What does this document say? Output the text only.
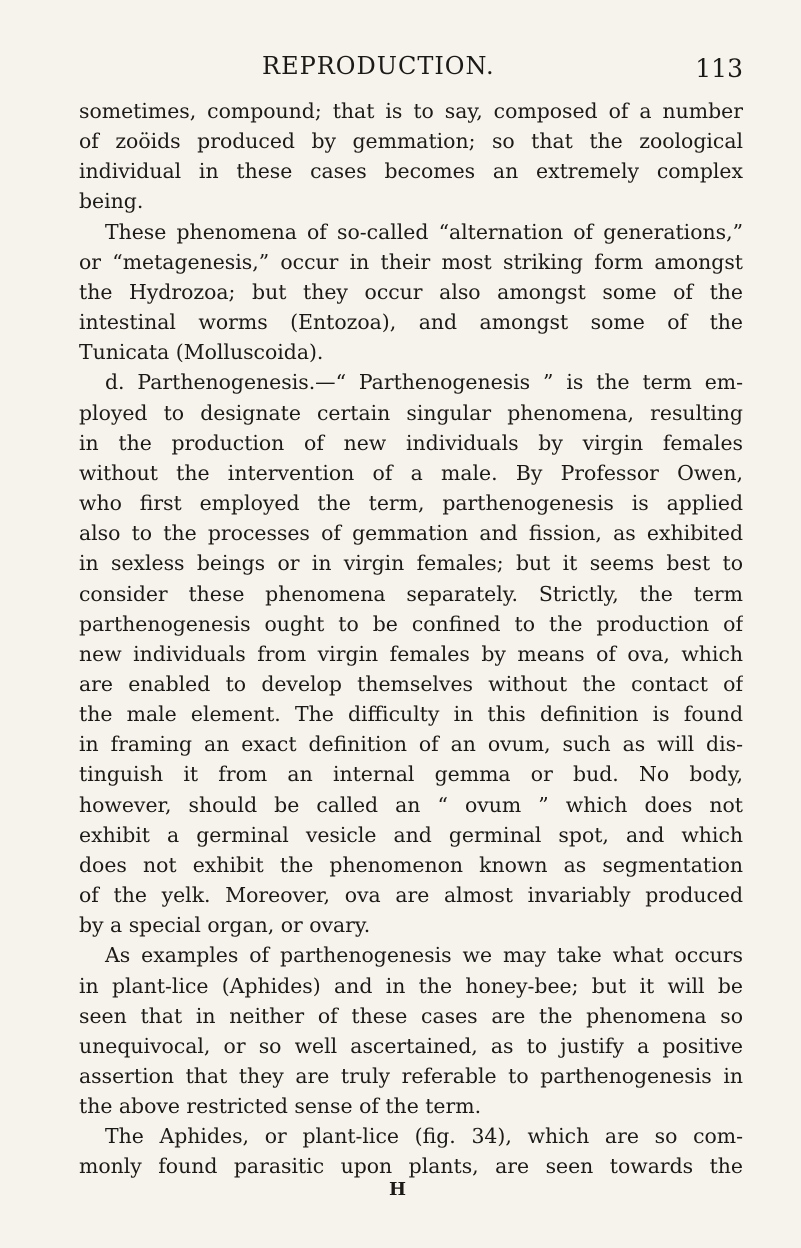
REPRODUCTION.	113
sometimes, compound; that is to say, composed of a number
of zoöids produced by gemmation; so that the zoological
individual in these cases becomes an extremely complex
being.
These phenomena of so-called “alternation of generations,”
or “metagenesis,” occur in their most striking form amongst
the Hydrozoa; but they occur also amongst some of the
intestinal worms (Entozoa), and amongst some of the
Tunicata (Molluscoida).
d. Parthenogenesis.—“ Parthenogenesis ” is the term em-
ployed to designate certain singular phenomena, resulting
in the production of new individuals by virgin females
without the intervention of a male. By Professor Owen,
who first employed the term, parthenogenesis is applied
also to the processes of gemmation and fission, as exhibited
in sexless beings or in virgin females; but it seems best to
consider these phenomena separately. Strictly, the term
parthenogenesis ought to be confined to the production of
new individuals from virgin females by means of ova, which
are enabled to develop themselves without the contact of
the male element. The difficulty in this definition is found
in framing an exact definition of an ovum, such as will dis-
tinguish it from an internal gemma or bud. No body,
however, should be called an “ ovum ” which does not
exhibit a germinal vesicle and germinal spot, and which
does not exhibit the phenomenon known as segmentation
of the yelk. Moreover, ova are almost invariably produced
by a special organ, or ovary.
As examples of parthenogenesis we may take what occurs
in plant-lice (Aphides) and in the honey-bee; but it will be
seen that in neither of these cases are the phenomena so
unequivocal, or so well ascertained, as to justify a positive
assertion that they are truly referable to parthenogenesis in
the above restricted sense of the term.
The Aphides, or plant-lice (fig. 34), which are so com-
monly found parasitic upon plants, are seen towards the
H
